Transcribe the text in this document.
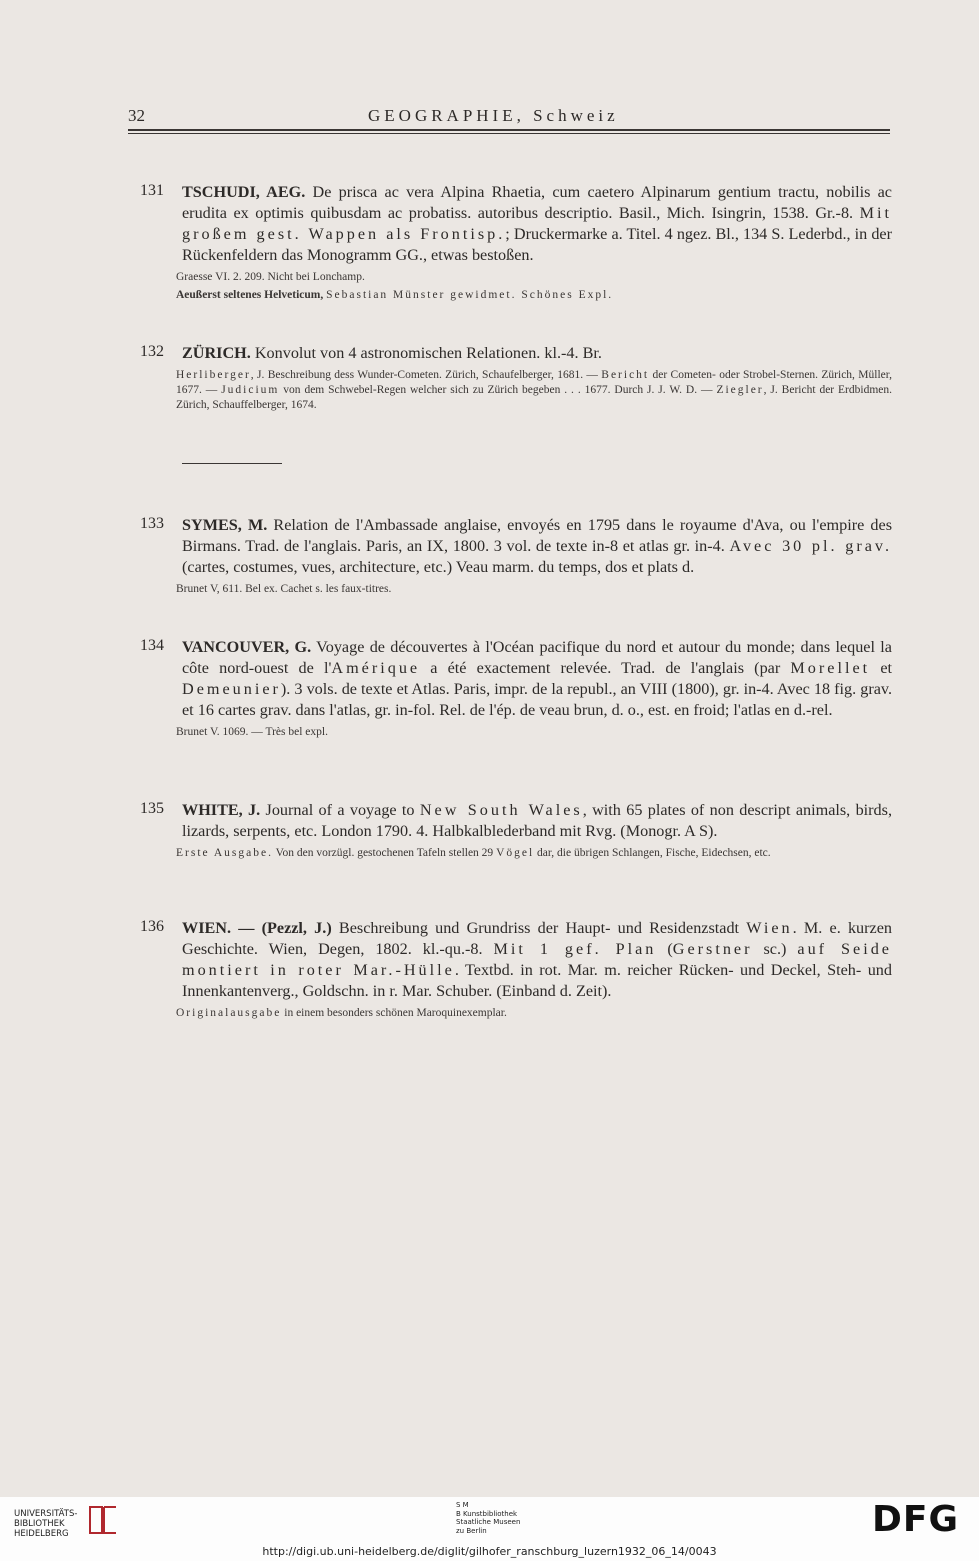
32	GEOGRAPHIE, Schweiz
131 TSCHUDI, AEG. De prisca ac vera Alpina Rhaetia, cum caetero Alpinarum gentium tractu, nobilis ac erudita ex optimis quibusdam ac probatiss. autoribus descriptio. Basil., Mich. Isingrin, 1538. Gr.-8. Mit großem gest. Wappen als Frontisp.; Druckermarke a. Titel. 4 ngez. Bl., 134 S. Lederbd., in der Rückenfeldern das Monogramm GG., etwas bestoßen.
Graesse VI. 2. 209. Nicht bei Lonchamp.
Aeußerst seltenes Helveticum, Sebastian Münster gewidmet. Schönes Expl.
132 ZÜRICH. Konvolut von 4 astronomischen Relationen. kl.-4. Br.
Herliberger, J. Beschreibung dess Wunder-Cometen. Zürich, Schaufelberger, 1681. — Bericht der Cometen- oder Strobel-Sternen. Zürich, Müller, 1677. — Judicium von dem Schwebel-Regen welcher sich zu Zürich begeben . . . 1677. Durch J. J. W. D. — Ziegler, J. Bericht der Erdbidmen. Zürich, Schauffelberger, 1674.
133 SYMES, M. Relation de l'Ambassade anglaise, envoyés en 1795 dans le royaume d'Ava, ou l'empire des Birmans. Trad. de l'anglais. Paris, an IX, 1800. 3 vol. de texte in-8 et atlas gr. in-4. Avec 30 pl. grav. (cartes, costumes, vues, architecture, etc.) Veau marm. du temps, dos et plats d.
Brunet V, 611. Bel ex. Cachet s. les faux-titres.
134 VANCOUVER, G. Voyage de découvertes à l'Océan pacifique du nord et autour du monde; dans lequel la côte nord-ouest de l'Amérique a été exactement relevée. Trad. de l'anglais (par Morellet et Demeunier). 3 vols. de texte et Atlas. Paris, impr. de la republ., an VIII (1800), gr. in-4. Avec 18 fig. grav. et 16 cartes grav. dans l'atlas, gr. in-fol. Rel. de l'ép. de veau brun, d. o., est. en froid; l'atlas en d.-rel.
Brunet V. 1069. — Très bel expl.
135 WHITE, J. Journal of a voyage to New South Wales, with 65 plates of non descript animals, birds, lizards, serpents, etc. London 1790. 4. Halbkalblederband mit Rvg. (Monogr. A S).
Erste Ausgabe. Von den vorzügl. gestochenen Tafeln stellen 29 Vögel dar, die übrigen Schlangen, Fische, Eidechsen, etc.
136 WIEN. — (Pezzl, J.) Beschreibung und Grundriss der Haupt- und Residenzstadt Wien. M. e. kurzen Geschichte. Wien, Degen, 1802. kl.-qu.-8. Mit 1 gef. Plan (Gerstner sc.) auf Seide montiert in roter Mar.-Hülle. Textbd. in rot. Mar. m. reicher Rücken- und Deckel, Steh- und Innenkantenverg., Goldschn. in r. Mar. Schuber. (Einband d. Zeit).
Originalausgabe in einem besonders schönen Maroquinexemplar.
UNIVERSITÄTS-
BIBLIOTHEK
HEIDELBERG
S M
B Kunstbibliothek
Staatliche Museen
zu Berlin	DFG
http://digi.ub.uni-heidelberg.de/diglit/gilhofer_ranschburg_luzern1932_06_14/0043
